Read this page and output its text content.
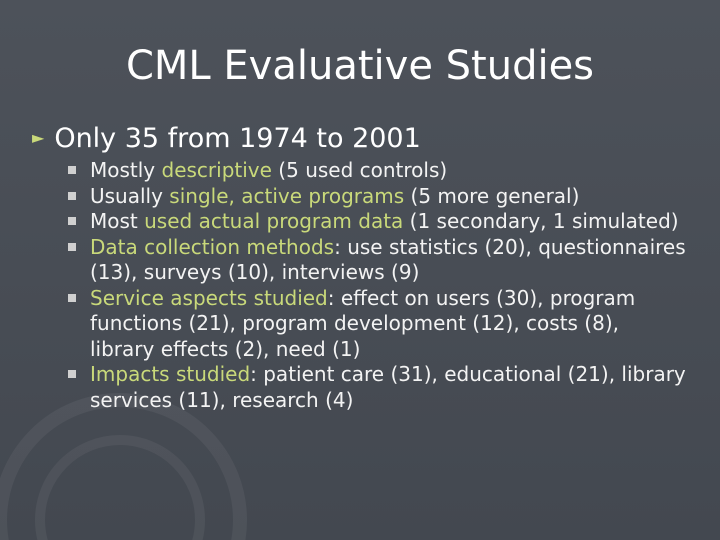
CML Evaluative Studies
► Only 35 from 1974 to 2001
Mostly descriptive (5 used controls)
Usually single, active programs (5 more general)
Most used actual program data (1 secondary, 1 simulated)
Data collection methods: use statistics (20), questionnaires (13), surveys (10), interviews (9)
Service aspects studied: effect on users (30), program functions (21), program development (12), costs (8), library effects (2), need (1)
Impacts studied: patient care (31), educational (21), library services (11), research (4)
